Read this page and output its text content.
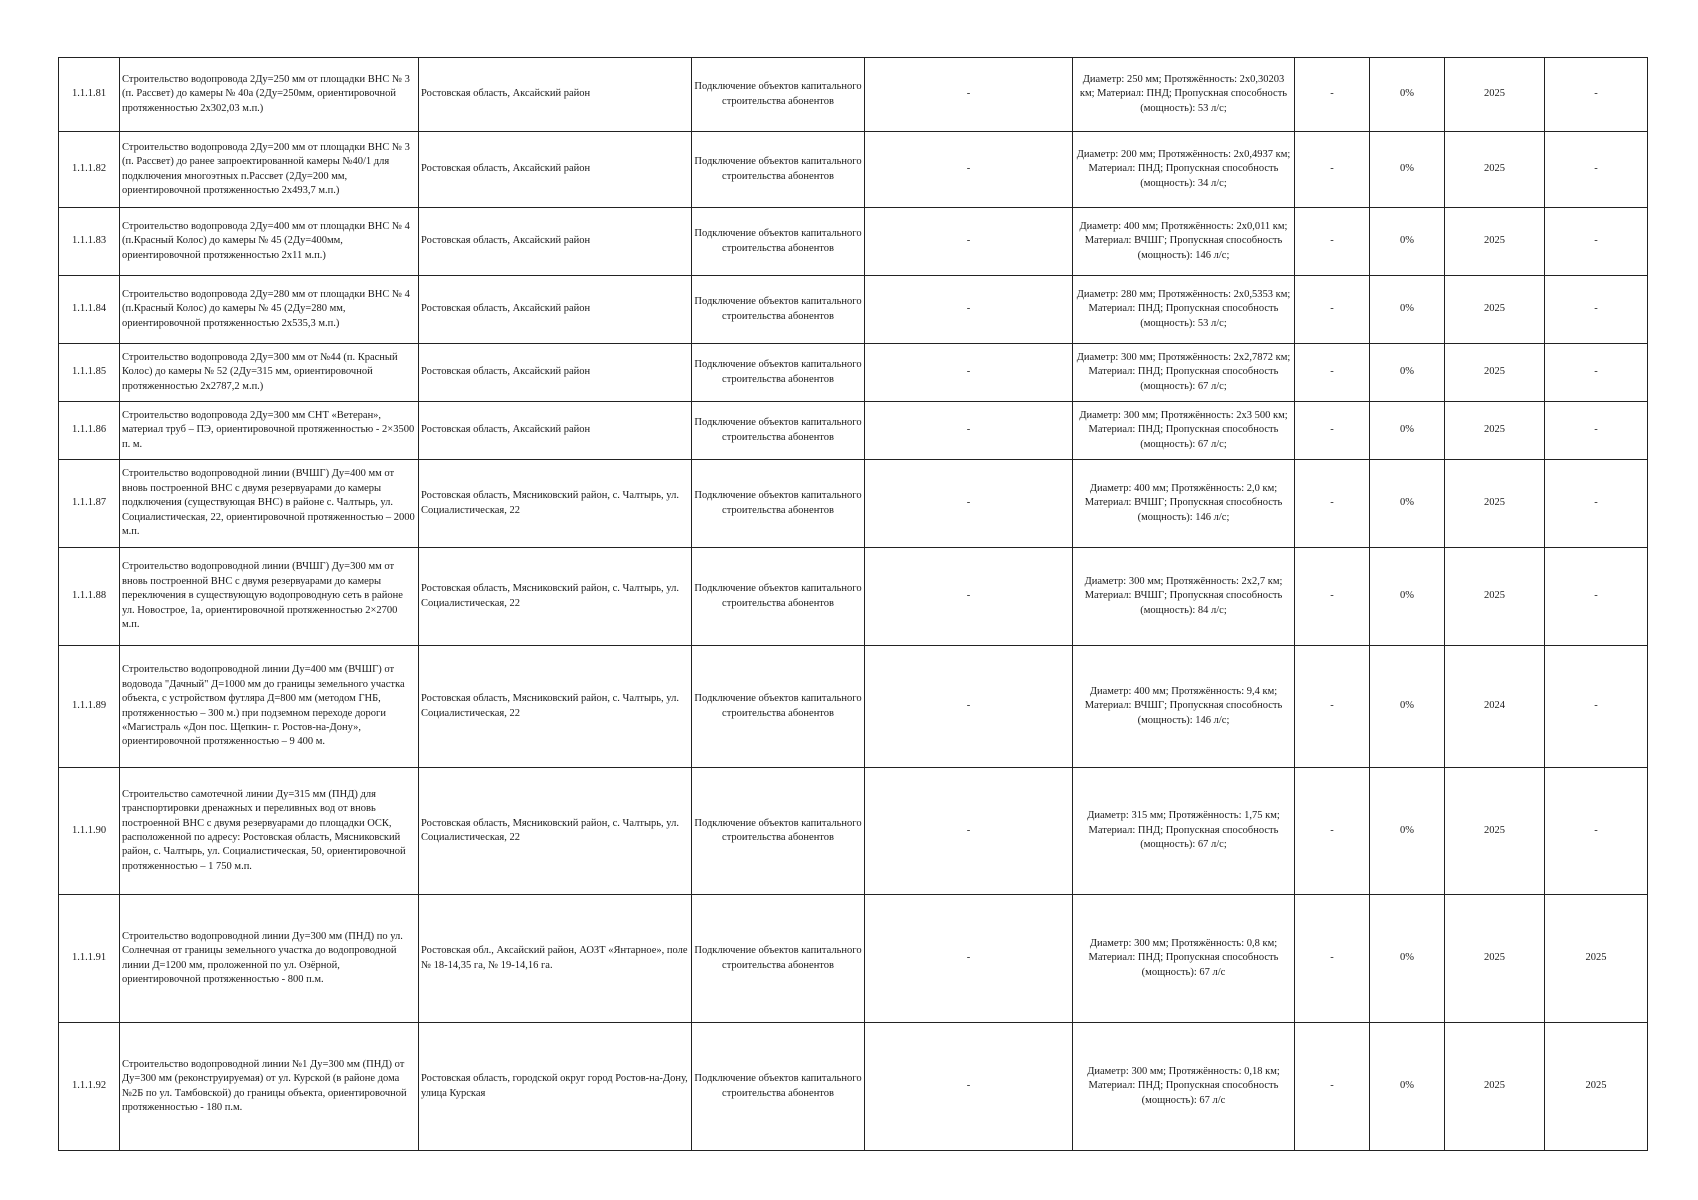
1.1.1.81	Строительство водопровода 2Ду=250 мм от площадки ВНС № 3 (п. Рассвет) до камеры № 40а (2Ду=250мм, ориентировочной протяженностью 2х302,03 м.п.)	Ростовская область, Аксайский район	Подключение объектов капитального строительства абонентов	-	Диаметр: 250 мм; Протяжённость: 2х0,30203 км; Материал: ПНД; Пропускная способность (мощность): 53 л/с;	-	0%	2025	-
1.1.1.82	Строительство водопровода 2Ду=200 мм от площадки ВНС № 3 (п. Рассвет) до ранее запроектированной камеры №40/1 для подключения многоэтных п.Рассвет (2Ду=200 мм, ориентировочной протяженностью 2х493,7 м.п.)	Ростовская область, Аксайский район	Подключение объектов капитального строительства абонентов	-	Диаметр: 200 мм; Протяжённость: 2х0,4937 км; Материал: ПНД; Пропускная способность (мощность): 34 л/с;	-	0%	2025	-
1.1.1.83	Строительство водопровода 2Ду=400 мм от площадки ВНС № 4 (п.Красный Колос) до камеры № 45 (2Ду=400мм, ориентировочной протяженностью 2х11 м.п.)	Ростовская область, Аксайский район	Подключение объектов капитального строительства абонентов	-	Диаметр: 400 мм; Протяжённость: 2х0,011 км; Материал: ВЧШГ; Пропускная способность (мощность): 146 л/с;	-	0%	2025	-
1.1.1.84	Строительство водопровода 2Ду=280 мм от площадки ВНС № 4 (п.Красный Колос) до камеры № 45 (2Ду=280 мм, ориентировочной протяженностью 2х535,3 м.п.)	Ростовская область, Аксайский район	Подключение объектов капитального строительства абонентов	-	Диаметр: 280 мм; Протяжённость: 2х0,5353 км; Материал: ПНД; Пропускная способность (мощность): 53 л/с;	-	0%	2025	-
1.1.1.85	Строительство водопровода 2Ду=300 мм от №44 (п. Красный Колос) до камеры № 52 (2Ду=315 мм, ориентировочной протяженностью 2х2787,2 м.п.)	Ростовская область, Аксайский район	Подключение объектов капитального строительства абонентов	-	Диаметр: 300 мм; Протяжённость: 2х2,7872 км; Материал: ПНД; Пропускная способность (мощность): 67 л/с;	-	0%	2025	-
1.1.1.86	Строительство водопровода 2Ду=300 мм СНТ «Ветеран», материал труб – ПЭ, ориентировочной протяженностью - 2×3500 п. м.	Ростовская область, Аксайский район	Подключение объектов капитального строительства абонентов	-	Диаметр: 300 мм; Протяжённость: 2х3 500 км; Материал: ПНД; Пропускная способность (мощность): 67 л/с;	-	0%	2025	-
1.1.1.87	Строительство водопроводной линии (ВЧШГ) Ду=400 мм от вновь построенной ВНС с двумя резервуарами до камеры подключения (существующая ВНС) в районе с. Чалтырь, ул. Социалистическая, 22, ориентировочной протяженностью – 2000 м.п.	Ростовская область, Мясниковский район, с. Чалтырь, ул. Социалистическая, 22	Подключение объектов капитального строительства абонентов	-	Диаметр: 400 мм; Протяжённость: 2,0 км; Материал: ВЧШГ; Пропускная способность (мощность): 146 л/с;	-	0%	2025	-
1.1.1.88	Строительство водопроводной линии (ВЧШГ) Ду=300 мм от вновь построенной ВНС с двумя резервуарами до камеры переключения в существующую водопроводную сеть в районе ул. Новострое, 1а, ориентировочной протяженностью 2×2700 м.п.	Ростовская область, Мясниковский район, с. Чалтырь, ул. Социалистическая, 22	Подключение объектов капитального строительства абонентов	-	Диаметр: 300 мм; Протяжённость: 2х2,7 км; Материал: ВЧШГ; Пропускная способность (мощность): 84 л/с;	-	0%	2025	-
1.1.1.89	Строительство водопроводной линии Ду=400 мм (ВЧШГ) от водовода "Дачный" Д=1000 мм до границы земельного участка объекта, с устройством футляра Д=800 мм (методом ГНБ, протяженностью – 300 м.) при подземном переходе дороги «Магистраль «Дон пос. Щепкин- г. Ростов-на-Дону», ориентировочной протяженностью – 9 400 м.	Ростовская область, Мясниковский район, с. Чалтырь, ул. Социалистическая, 22	Подключение объектов капитального строительства абонентов	-	Диаметр: 400 мм; Протяжённость: 9,4 км; Материал: ВЧШГ; Пропускная способность (мощность): 146 л/с;	-	0%	2024	-
1.1.1.90	Строительство самотечной линии Ду=315 мм (ПНД) для транспортировки дренажных и переливных вод от вновь построенной ВНС с двумя резервуарами до площадки ОСК, расположенной по адресу: Ростовская область, Мясниковский район, с. Чалтырь, ул. Социалистическая, 50, ориентировочной протяженностью – 1 750 м.п.	Ростовская область, Мясниковский район, с. Чалтырь, ул. Социалистическая, 22	Подключение объектов капитального строительства абонентов	-	Диаметр: 315 мм; Протяжённость: 1,75 км; Материал: ПНД; Пропускная способность (мощность): 67 л/с;	-	0%	2025	-
1.1.1.91	Строительство водопроводной линии Ду=300 мм (ПНД) по ул. Солнечная от границы земельного участка до водопроводной линии Д=1200 мм, проложенной по ул. Озёрной, ориентировочной протяженностью - 800 п.м.	Ростовская обл., Аксайский район, АОЗТ «Янтарное», поле № 18-14,35 га, № 19-14,16 га.	Подключение объектов капитального строительства абонентов	-	Диаметр: 300 мм; Протяжённость: 0,8 км; Материал: ПНД; Пропускная способность (мощность): 67 л/с	-	0%	2025	2025
1.1.1.92	Строительство водопроводной линии №1 Ду=300 мм (ПНД) от Ду=300 мм (реконструируемая) от ул. Курской (в районе дома №2Б по ул. Тамбовской) до границы объекта, ориентировочной протяженностью - 180 п.м.	Ростовская область, городской округ город Ростов-на-Дону, улица Курская	Подключение объектов капитального строительства абонентов	-	Диаметр: 300 мм; Протяжённость: 0,18 км; Материал: ПНД; Пропускная способность (мощность): 67 л/с	-	0%	2025	2025
